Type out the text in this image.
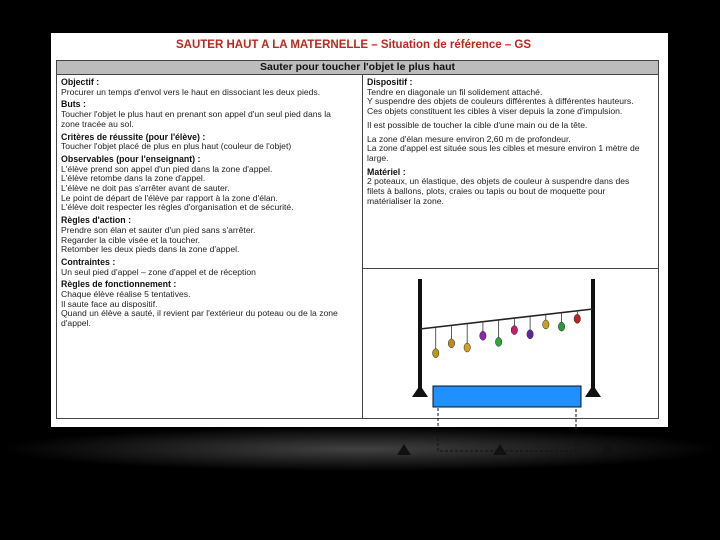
SAUTER HAUT A LA MATERNELLE – Situation de référence – GS
Sauter pour toucher l'objet le plus haut
Objectif :
Procurer un temps d'envol vers le haut en dissociant les deux pieds.
Buts :
Toucher l'objet le plus haut en prenant son appel d'un seul pied dans la
zone tracée au sol.
Critères de réussite (pour l'élève) :
Toucher l'objet placé de plus en plus haut (couleur de l'objet)
Observables (pour l'enseignant) :
L'élève prend son appel d'un pied dans la zone d'appel.
L'élève retombe dans la zone d'appel.
L'élève ne doit pas s'arrêter avant de sauter.
Le point de départ de l'élève par rapport à la zone d'élan.
L'élève doit respecter les règles d'organisation et de sécurité.
Règles d'action :
Prendre son élan et sauter d'un pied sans s'arrêter.
Regarder la cible visée et la toucher.
Retomber les deux pieds dans la zone d'appel.
Contraintes :
Un seul pied d'appel – zone d'appel et de réception
Règles de fonctionnement :
Chaque élève réalise 5 tentatives.
Il saute face au dispositif.
Quand un élève a sauté, il revient par l'extérieur du poteau ou de la zone
d'appel.
Dispositif :
Tendre en diagonale un fil solidement attaché.
Y suspendre des objets de couleurs différentes à différentes hauteurs.
Ces objets constituent les cibles à viser depuis la zone d'impulsion.
Il est possible de toucher la cible d'une main ou de la tête.
La zone d'élan mesure environ 2,60 m de profondeur.
La zone d'appel est située sous les cibles et mesure environ 1 mètre de
large.
Matériel :
2 poteaux, un élastique, des objets de couleur à suspendre dans des
filets à ballons, plots, craies ou tapis ou bout de moquette pour
matérialiser la zone.
